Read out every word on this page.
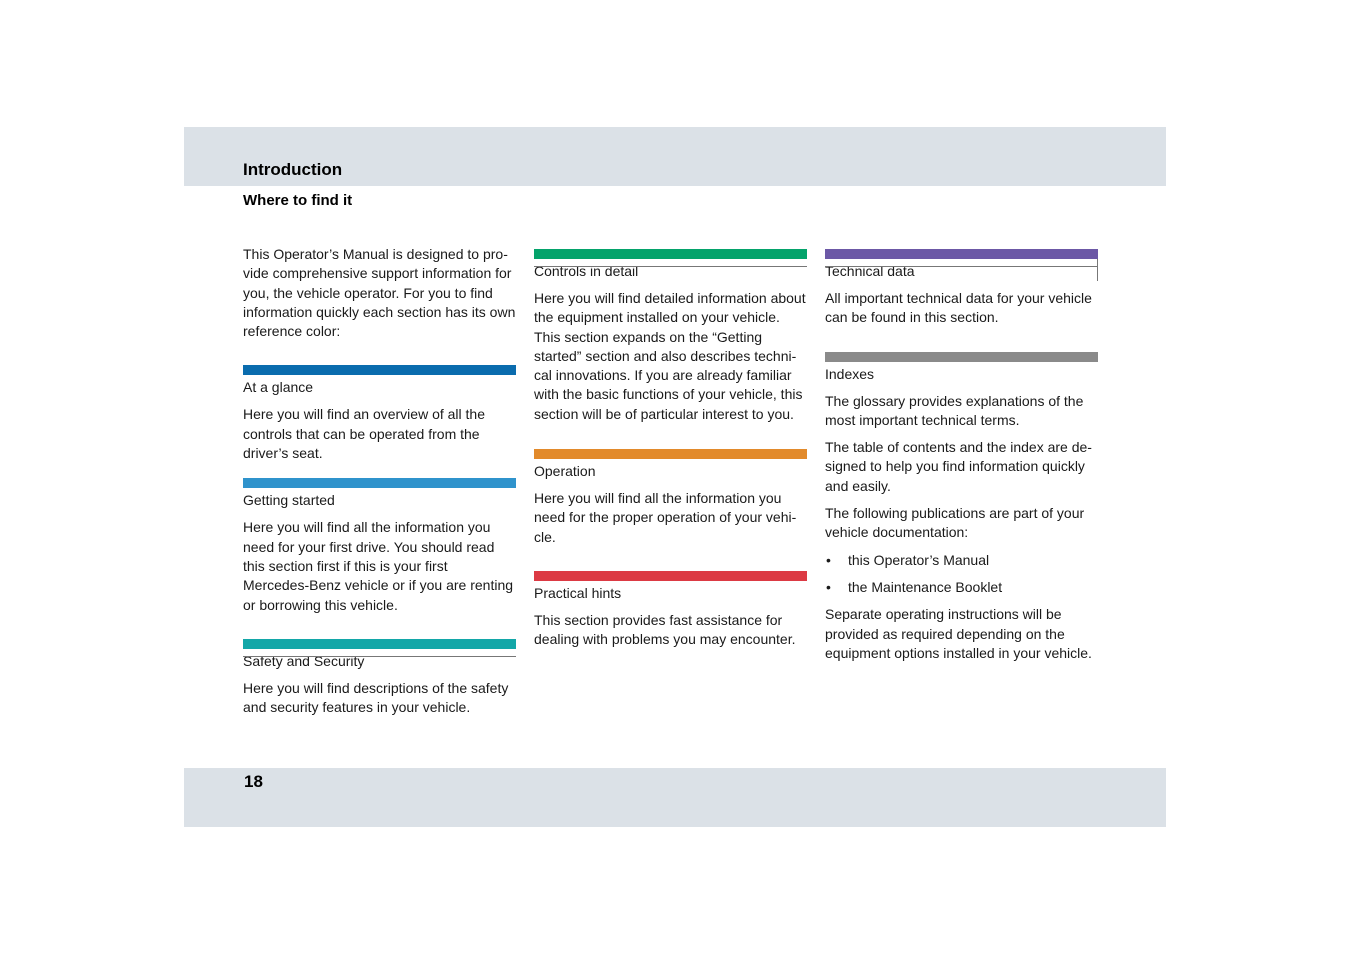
Introduction
Where to find it

This Operator’s Manual is designed to provide comprehensive support information for you, the vehicle operator. For you to find information quickly each section has its own reference color:

At a glance

Here you will find an overview of all the controls that can be operated from the driver’s seat.

Getting started

Here you will find all the information you need for your first drive. You should read this section first if this is your first Mercedes-Benz vehicle or if you are renting or borrowing this vehicle.

Safety and Security

Here you will find descriptions of the safety and security features in your vehicle.

Controls in detail

Here you will find detailed information about the equipment installed on your vehicle. This section expands on the “Getting started” section and also describes technical innovations. If you are already familiar with the basic functions of your vehicle, this section will be of particular interest to you.

Operation

Here you will find all the information you need for the proper operation of your vehicle.

Practical hints

This section provides fast assistance for dealing with problems you may encounter.

Technical data

All important technical data for your vehicle can be found in this section.

Indexes

The glossary provides explanations of the most important technical terms.

The table of contents and the index are designed to help you find information quickly and easily.

The following publications are part of your vehicle documentation:

• this Operator’s Manual
• the Maintenance Booklet

Separate operating instructions will be provided as required depending on the equipment options installed in your vehicle.

18
